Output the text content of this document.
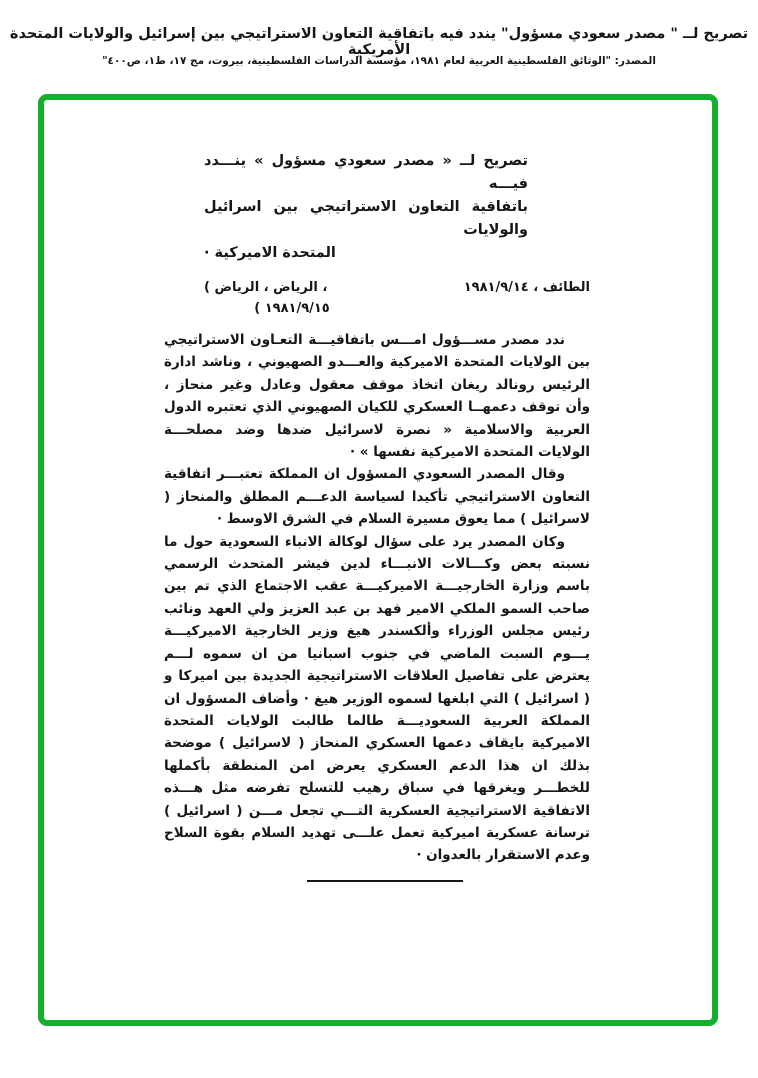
تصريح لــ " مصدر سعودي مسؤول" يندد فيه باتفاقية التعاون الاستراتيجي بين إسرائيل والولايات المتحدة الأمريكية
المصدر: "الوثائق الفلسطينية العربية لعام ١٩٨١، مؤسسة الدراسات الفلسطينية، بيروت، مج ١٧، ط١، ص٤٠٠"
تصريح لــ « مصدر سعودي مسؤول » ينـــدد فيـــه
باتفاقية التعاون الاستراتيجي بين اسرائيل والولايات
المتحدة الاميركية ·
الطائف ، ١٩٨١/٩/١٤
( الرياض ، الرياض ،
( ١٩٨١/٩/١٥

ندد مصدر مســـؤول امـــس باتفاقيـــة التعـاون الاستراتيجي بين الولايات المتحدة الاميركية والعـــدو الصهيوني ، وناشد ادارة الرئيس رونالد ريغان اتخاذ موقف معقول وعادل وغير منحاز ، وأن توقف دعمهــا العسكري للكيان الصهيوني الذي تعتبره الدول العربية والاسلامية « نصرة لاسرائيل ضدها وضد مصلحـــة الولايات المتحدة الاميركية نفسها » ·

وقال المصدر السعودي المسؤول ان المملكة تعتبـــر اتفاقية التعاون الاستراتيجي تأكيدا لسياسة الدعـــم المطلق والمنحاز ( لاسرائيل ) مما يعوق مسيرة السلام في الشرق الاوسط ·

وكان المصدر يرد على سؤال لوكالة الانباء السعودية حول ما نسبته بعض وكـــالات الانبـــاء لدين فيشر المتحدث الرسمي باسم وزارة الخارجيـــة الاميركيـــة عقب الاجتماع الذي تم بين صاحب السمو الملكي الامير فهد بن عبد العزيز ولي العهد ونائب رئيس مجلس الوزراء وألكسندر هيغ وزير الخارجية الاميركيـــة يـــوم السبت الماضي في جنوب اسبانيا من ان سموه لـــم يعترض على تفاصيل العلاقات الاستراتيجية الجديدة بين اميركا و ( اسرائيل ) التي ابلغها لسموه الوزير هيغ · وأضاف المسؤول ان المملكة العربية السعوديـــة طالما طالبت الولايات المتحدة الاميركية بايقاف دعمها العسكري المنحاز ( لاسرائيل ) موضحة بذلك ان هذا الدعم العسكري يعرض امن المنطقة بأكملها للخطـــر ويغرقها في سباق رهيب للتسلح تفرضه مثل هـــذه الاتفاقية الاستراتيجية العسكرية التـــي تجعل مـــن ( اسرائيل ) ترسانة عسكرية اميركية تعمل علـــى تهديد السلام بقوة السلاح وعدم الاستقرار بالعدوان ·
